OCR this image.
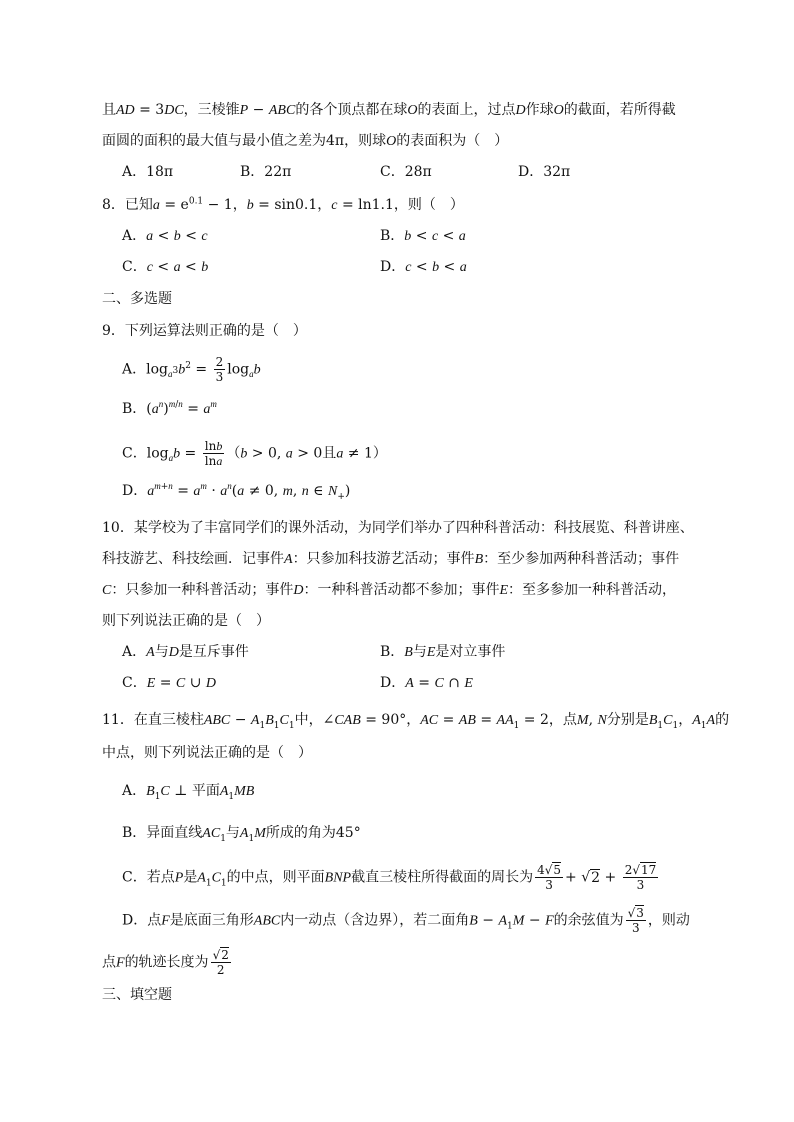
且AD = 3DC，三棱锥P − ABC的各个顶点都在球O的表面上，过点D作球O的截面，若所得截
面圆的面积的最大值与最小值之差为4π，则球O的表面积为（　）
A．18π	B．22π	C．28π	D．32π
8．已知$a = e^{0.1} - 1$，b = sin0.1，c = ln1.1，则（　）
A．a < b < c	B．b < c < a
C．c < a < b	D．c < b < a
二、多选题
9．下列运算法则正确的是（　）
A．$\log_{a^3}b^2 = \frac{2}{3} \log_ab$
B．$(a^n)^{m/n} = a^m$
C．$\log_ab = \frac{\ln b}{\ln a} (b > 0$, a > 0且a ≠ 1）
D．$a^{m+n} = a^m \cdot a^n(a \ne 0$, m, n ∈ $N_+$)
10．某学校为了丰富同学们的课外活动，为同学们举办了四种科普活动：科技展览、科普讲座、
科技游艺、科技绘画．记事件A：只参加科技游艺活动；事件B：至少参加两种科普活动；事件
C：只参加一种科普活动；事件D：一种科普活动都不参加；事件E：至多参加一种科普活动，
则下列说法正确的是（　）
A．A与D是互斥事件	B．B与E是对立事件
C．E = C ∪ D	D．A = C ∩ E
11．在直三棱柱ABC − $A_1B_1C_1$中，∠CAB = 90°，AC = AB = $AA_1 = 2$，点M, N分别是$B_1C_1$，$A_1A$的
中点，则下列说法正确的是（　）
A．$B_1C$ ⊥ 平面$A_1MB$
B．异面直线$AC_1$与$A_1M$所成的角为45°
C．若点P是$A_1C_1$的中点，则平面BNP截直三棱柱所得截面的周长为 $\frac{4√5}{3} + √2 + \frac{2√17}{3}$
D．点F是底面三角形ABC内一动点（含边界），若二面角$B - A_1M - F$的余弦值为 $\frac{√3}{3}$ ，则动
点F的轨迹长度为 $\frac{√2}{2}$
三、填空题
